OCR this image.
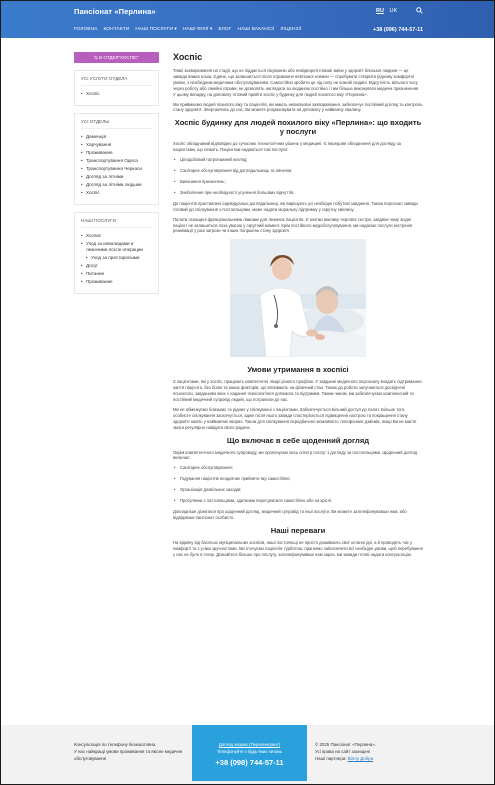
Пансіонат «Перлина»	RU UK
ГОЛОВНА КОНТАКТИ НАШІ ПОСЛУГИ ▾ НАШІ ФІЛІЇ ▾ БЛОГ НАШІ ВАКАНСІЇ ЛІЦЕНЗІЇ	+38 (096) 744-57-11
⇆ В ОТДЕЛ"ХОСПІС"
УСІ УСЛУГИ ОТДЕЛА
• Хоспіс
УСІ ОТДЕЛЫ
• Деменція
• Харчування
• Проживання
• Транспортування Одеса
• Транспортування Черкаси
• Догляд за літніми
• Догляд за літніми людьми
• Хоспіс
НАШІ ПОСЛУГИ
• Хоспис
• Уход за инвалидами и лежачими после операции
• Уход за престарелыми
• Досуг
• Питание
• Проживание
Хоспіс

Тяжкі захворювання на стадії, що не піддається лікуванню або невідворотні вікові зміни у здоров'ї близької людини — це завжди важка ноша. Єдине, що залишається після отримання невтішної новини — спробувати створити рідному комфортні умови, з необхідним медичним обслуговуванням. Самостійно зробити це під силу не кожній людині. Відсутність вільного часу через роботу або сімейні справи, не дозволять наглядати за людиною постійно і тим більше виконувати медичні призначення. У цьому випадку, на допомогу готовий прийти хоспіс у будинку для людей похилого віку «Перлина».

Ми приймаємо людей похилого віку та пацієнтів, які мають невиліковні захворювання, забезпечує постійний догляд та контроль стану здоров'я. Звертаючись до нас, Ви можете розраховувати на допомогу у найважчу хвилину.

Хоспіс будинку для людей похилого віку «Перлина»: що входить у послуги

Хоспіс обладнаний відповідно до сучасних технологічних рішень у медицині. Є передове обладнання для догляду за пацієнтами, що лежать. Пацієнтам надаються такі послуги:

• Цілодобовий патронажний нагляд;
• Санітарне обслуговування від доглядальниць та нянечок;
• Виконання призначень;
• Знеболення при необхідності усунення больових відчуттів.

До пацієнтів приставлені індивідуальні доглядальниці, які вирішують усі необхідні побутові завдання. Також персонал завжди готовий до спілкування з постояльцями, може надати моральну підтримку у скрутну хвилину.

Палати оснащені функціональними ліжками для лежачих пацієнтів. Є кнопки виклику чергової сестри, завдяки чому жодні пацієнт не залишиться поза увагою у скрутний момент. Крім постійного медобслуговування, ми надаємо послуги екстреної реанімації у разі загрози чи інших погіршень стану здоров'я.

Умови утримання в хоспісі

З пацієнтами, які у хоспіс, працюють компетентні лікарі різного профілю. У завданні медичного персоналу входить підтримання життя пацієнта, без болю та інших факторів, що впливають на фізичний стан. Також до роботи залучаються досвідчені психологи, завданням яких є надання психологічної допомоги та підтримки. Таким чином, ми забезпечуємо комплексний та постійний медичний супровід людей, що потрапили до нас.

Ми не обмежуємо близьких та рідних у спілкуванні з пацієнтами. Забезпечується вільний доступ до палат. Більше того, особисте спілкування заохочується, адже після нього завжди спостерігається підвищення настрою та покращення стану здоров'я навіть у найважчих хворих. Також для спілкування передбачено можливість телефонних дзвінків, якщо Ви не маєте змоги регулярно навідати свого родича.

Що включає в себе щоденний догляд

Окрім компетентного медичного супроводу, ми пропонуємо весь спектр послуг з догляду за постояльцями. Щоденний догляд включає:

• Санітарне обслуговування;
• Годування пацієнтів неодатних прийняти їжу самостійно;
• Організація дозвільних заходів;
• Прогулянки з постояльцями, здатними пересуватися самостійно або на кріслі.

Докладніше дізнатися про щоденний догляд, медичний супровід та інші послуги, Ви можете зателефонувавши нам, або відвідавши пансіонат особисто.

Наші переваги

На відміну від багатьох муніципальних хоспісів, наші постояльці не просто доживають свої останні дні, а й проводять час у комфорті та з усіма зручностями. Ми оточуємо пацієнтів турботою, прагнемо забезпечити всі необхідні умови, щоб перебування у нас не було в тягар. Дізнайтеся більше про послугу, зателефонувавши нам зараз, ми завжди готові надати консультацію.

Консультація по телефону безкоштовна
У нас найкращі умови проживання та якісне медичне обслуговування
Догляд хворих (Перелингрант)
Телефонуйте з будь-яких питань
+38 (098) 744-57-11
© 2025 Пансіонат «Перлина».
Усі права на сайт захищені
Наші партнери: Віллу Добра
